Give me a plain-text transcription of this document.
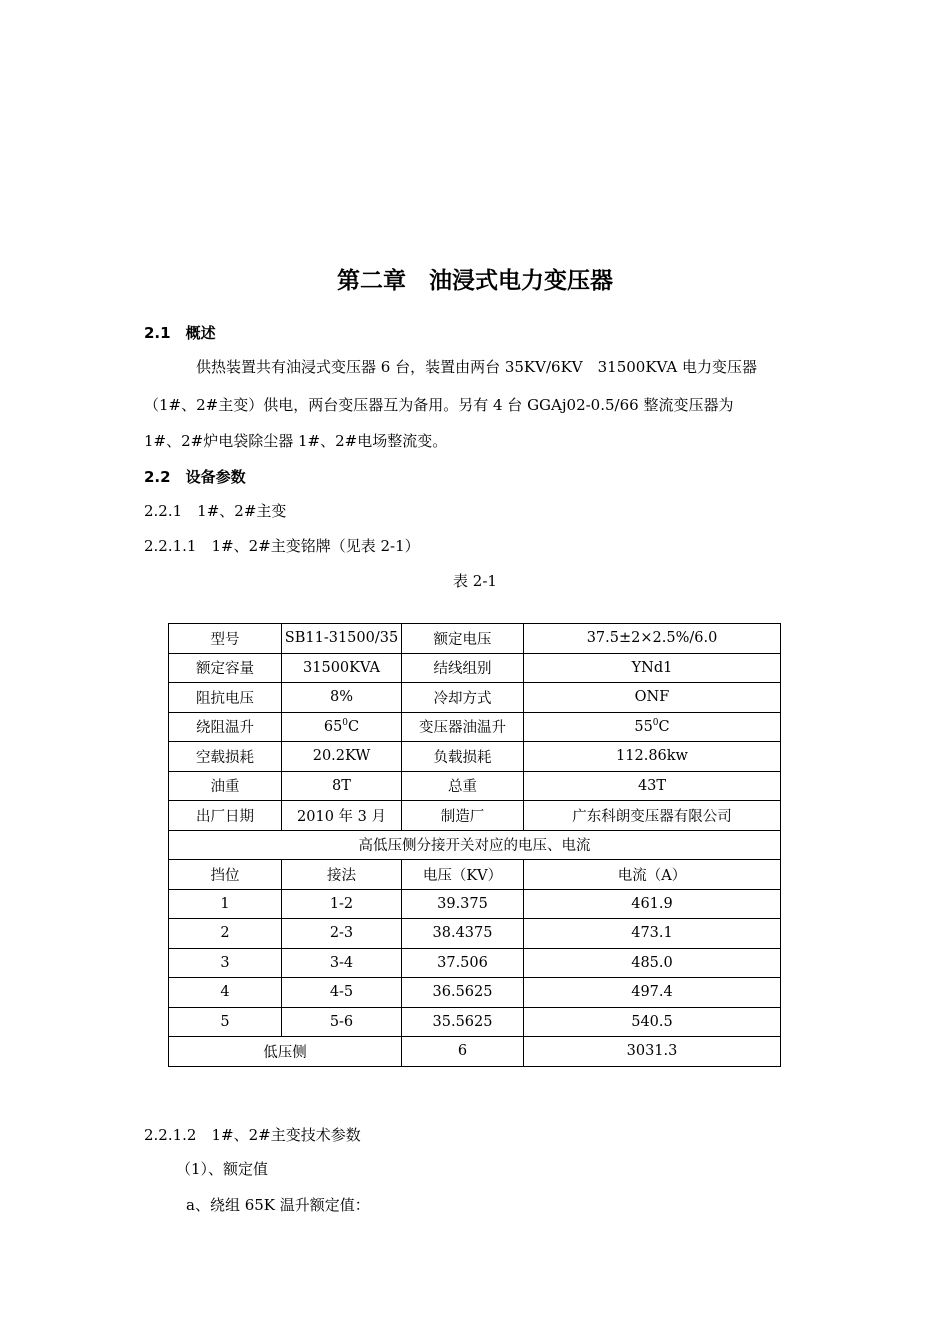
第二章　油浸式电力变压器
2.1　概述
供热装置共有油浸式变压器 6 台，装置由两台 35KV/6KV　31500KVA 电力变压器
（1#、2#主变）供电，两台变压器互为备用。另有 4 台 GGAj02-0.5/66 整流变压器为
1#、2#炉电袋除尘器 1#、2#电场整流变。
2.2　设备参数
2.2.1　1#、2#主变
2.2.1.1　1#、2#主变铭牌（见表 2-1）
表 2-1
型号	SB11-31500/35	额定电压	37.5±2×2.5%/6.0
额定容量	31500KVA	结线组别	YNd1
阻抗电压	8%	冷却方式	ONF
绕阻温升	$65^0C$	变压器油温升	$55^0C$
空载损耗	20.2KW	负载损耗	112.86kw
油重	8T	总重	43T
出厂日期	2010 年 3 月	制造厂	广东科朗变压器有限公司
高低压侧分接开关对应的电压、电流			
挡位	接法	电压（KV）	电流（A）
1	1-2	39.375	461.9
2	2-3	38.4375	473.1
3	3-4	37.506	485.0
4	4-5	36.5625	497.4
5	5-6	35.5625	540.5
低压侧		6	3031.3
2.2.1.2　1#、2#主变技术参数
（1）、额定值
a、绕组 65K 温升额定值：
